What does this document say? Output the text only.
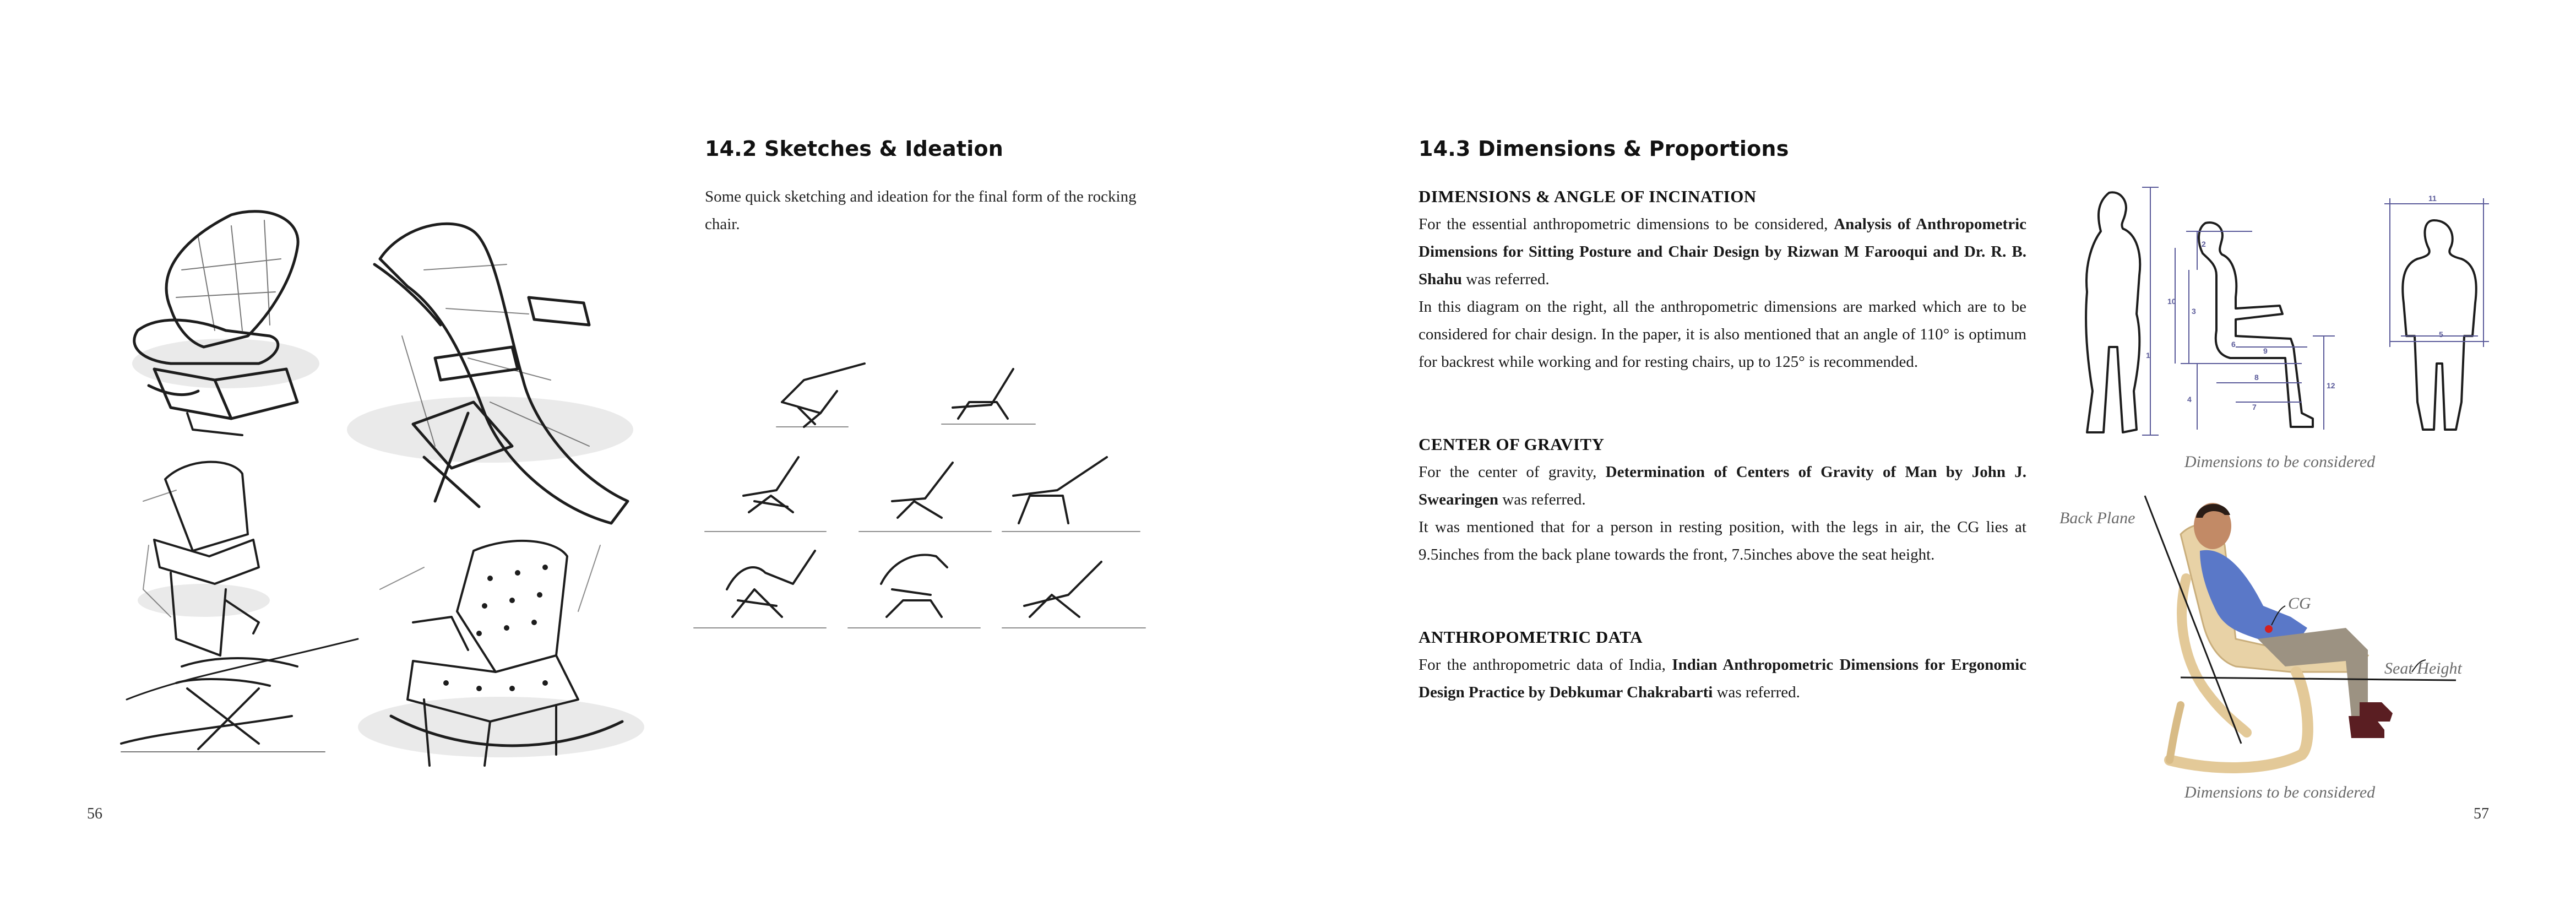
14.2 Sketches & Ideation

Some quick sketching and ideation for the final form of the rocking chair.

56
14.3 Dimensions & Proportions

DIMENSIONS & ANGLE OF INCINATION

For the essential anthropometric dimensions to be considered, Analysis of Anthropometric Dimensions for Sitting Posture and Chair Design by Rizwan M Farooqui and Dr. R. B. Shahu was referred.

In this diagram on the right, all the anthropometric dimensions are marked which are to be considered for chair design. In the paper, it is also mentioned that an angle of 110° is optimum for backrest while working and for resting chairs, up to 125° is recommended.

CENTER OF GRAVITY

For the center of gravity, Determination of Centers of Gravity of Man by John J. Swearingen was referred.

It was mentioned that for a person in resting position, with the legs in air, the CG lies at 9.5inches from the back plane towards the front, 7.5inches above the seat height.

ANTHROPOMETRIC DATA

For the anthropometric data of India, Indian Anthropometric Dimensions for Ergonomic Design Practice by Debkumar Chakrabarti was referred.

1
2
3
4
5
6
7
8
9
10
11
12
Dimensions to be considered
Back Plane
CG
Seat Height
Dimensions to be considered
57
